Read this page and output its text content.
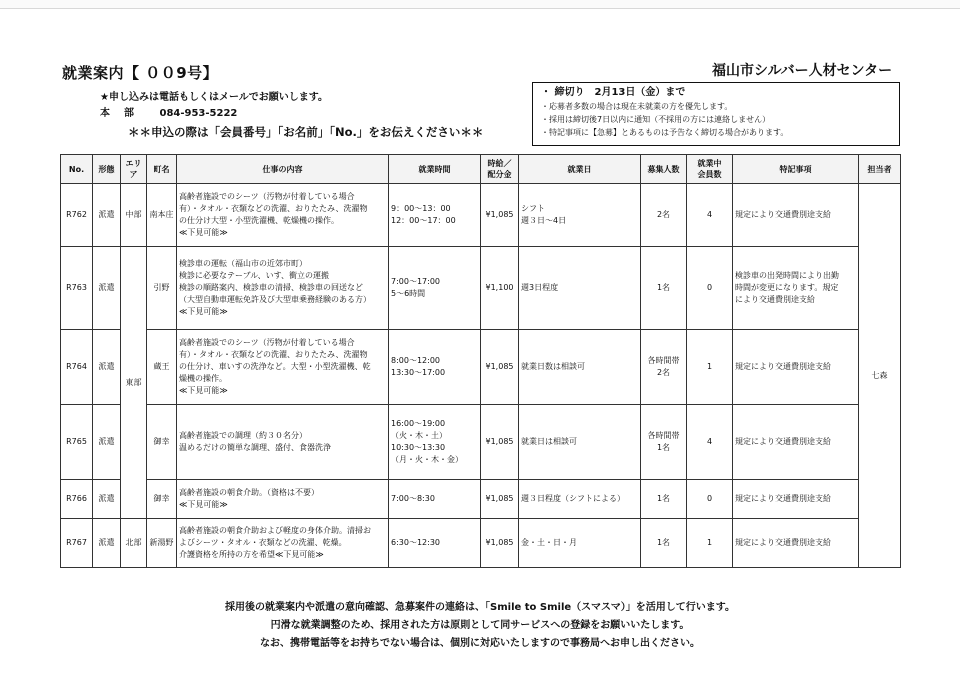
就業案内【 ００9号】	福山市シルバー人材センター
★申し込みは電話もしくはメールでお願いします。
本部 084-953-5222
＊＊申込の際は「会員番号」「お名前」「No.」をお伝えください＊＊
・ 締切り　2月13日（金）まで
・応募者多数の場合は現在未就業の方を優先します。
・採用は締切後7日以内に通知（不採用の方には連絡しません）
・特記事項に【急募】とあるものは予告なく締切る場合があります。
No.	形態	エリア	町名	仕事の内容	就業時間	時給／
配分金	就業日	募集人数	就業中
会員数	特記事項	担当者
R762	派遣	中部	南本庄	高齢者施設でのシーツ（汚物が付着している場合
有）・タオル・衣類などの洗濯、おりたたみ、洗濯物
の仕分け大型・小型洗濯機、乾燥機の操作。
≪下見可能≫	9：00～13：00
12：00～17：00	¥1,085	シフト
週３日～4日	2名	4	規定により交通費別途支給	七森
R763	派遣	東部	引野	検診車の運転（福山市の近郊市町）
検診に必要なテーブル、いす、衝立の運搬
検診の順路案内、検診車の清掃、検診車の回送など
（大型自動車運転免許及び大型車乗務経験のある方）
≪下見可能≫	7:00～17:00
5～6時間	¥1,100	週3日程度	1名	0	検診車の出発時間により出勤
時間が変更になります。規定
により交通費別途支給	
R764	派遣		蔵王	高齢者施設でのシーツ（汚物が付着している場合
有）・タオル・衣類などの洗濯、おりたたみ、洗濯物
の仕分け、車いすの洗浄など。大型・小型洗濯機、乾
燥機の操作。
≪下見可能≫	8:00～12:00
13:30～17:00	¥1,085	就業日数は相談可	各時間帯
2名	1	規定により交通費別途支給	
R765	派遣		御幸	高齢者施設での調理（約３０名分）
温めるだけの簡単な調理、盛付、食器洗浄	16:00～19:00
（火・木・土）
10:30～13:30
（月・火・木・金）	¥1,085	就業日は相談可	各時間帯
1名	4	規定により交通費別途支給	
R766	派遣		御幸	高齢者施設の朝食介助。（資格は不要）
≪下見可能≫	7:00～8:30	¥1,085	週３日程度（シフトによる）	1名	0	規定により交通費別途支給	
R767	派遣	北部	新湯野	高齢者施設の朝食介助および軽度の身体介助。清掃お
よびシーツ・タオル・衣類などの洗濯、乾燥。
介護資格を所持の方を希望≪下見可能≫	6:30～12:30	¥1,085	金・土・日・月	1名	1	規定により交通費別途支給	
採用後の就業案内や派遣の意向確認、急募案件の連絡は、「Smile to Smile（スマスマ）」を活用して行います。
円滑な就業調整のため、採用された方は原則として同サービスへの登録をお願いいたします。
なお、携帯電話等をお持ちでない場合は、個別に対応いたしますので事務局へお申し出ください。
